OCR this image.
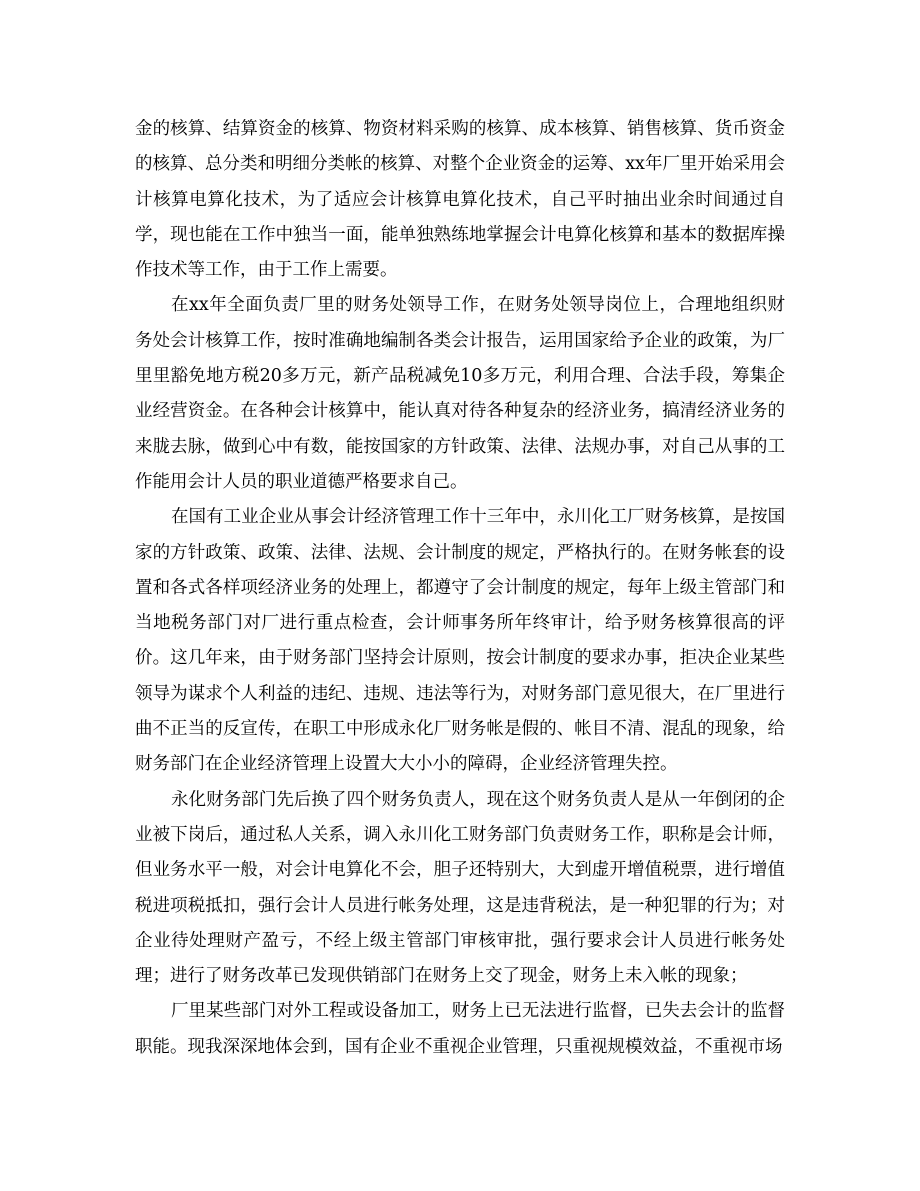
金的核算、结算资金的核算、物资材料采购的核算、成本核算、销售核算、货币资金的核算、总分类和明细分类帐的核算、对整个企业资金的运筹、xx年厂里开始采用会计核算电算化技术，为了适应会计核算电算化技术，自己平时抽出业余时间通过自学，现也能在工作中独当一面，能单独熟练地掌握会计电算化核算和基本的数据库操作技术等工作，由于工作上需要。

在xx年全面负责厂里的财务处领导工作，在财务处领导岗位上，合理地组织财务处会计核算工作，按时准确地编制各类会计报告，运用国家给予企业的政策，为厂里里豁免地方税20多万元，新产品税减免10多万元，利用合理、合法手段，筹集企业经营资金。在各种会计核算中，能认真对待各种复杂的经济业务，搞清经济业务的来胧去脉，做到心中有数，能按国家的方针政策、法律、法规办事，对自己从事的工作能用会计人员的职业道德严格要求自己。

在国有工业企业从事会计经济管理工作十三年中，永川化工厂财务核算，是按国家的方针政策、政策、法律、法规、会计制度的规定，严格执行的。在财务帐套的设置和各式各样项经济业务的处理上，都遵守了会计制度的规定，每年上级主管部门和当地税务部门对厂进行重点检查，会计师事务所年终审计，给予财务核算很高的评价。这几年来，由于财务部门坚持会计原则，按会计制度的要求办事，拒决企业某些领导为谋求个人利益的违纪、违规、违法等行为，对财务部门意见很大，在厂里进行曲不正当的反宣传，在职工中形成永化厂财务帐是假的、帐目不清、混乱的现象，给财务部门在企业经济管理上设置大大小小的障碍，企业经济管理失控。

永化财务部门先后换了四个财务负责人，现在这个财务负责人是从一年倒闭的企业被下岗后，通过私人关系，调入永川化工财务部门负责财务工作，职称是会计师，但业务水平一般，对会计电算化不会，胆子还特别大，大到虚开增值税票，进行增值税进项税抵扣，强行会计人员进行帐务处理，这是违背税法，是一种犯罪的行为；对企业待处理财产盈亏，不经上级主管部门审核审批，强行要求会计人员进行帐务处理；进行了财务改革已发现供销部门在财务上交了现金，财务上未入帐的现象；

厂里某些部门对外工程或设备加工，财务上已无法进行监督，已失去会计的监督职能。现我深深地体会到，国有企业不重视企业管理，只重视规模效益，不重视市场
